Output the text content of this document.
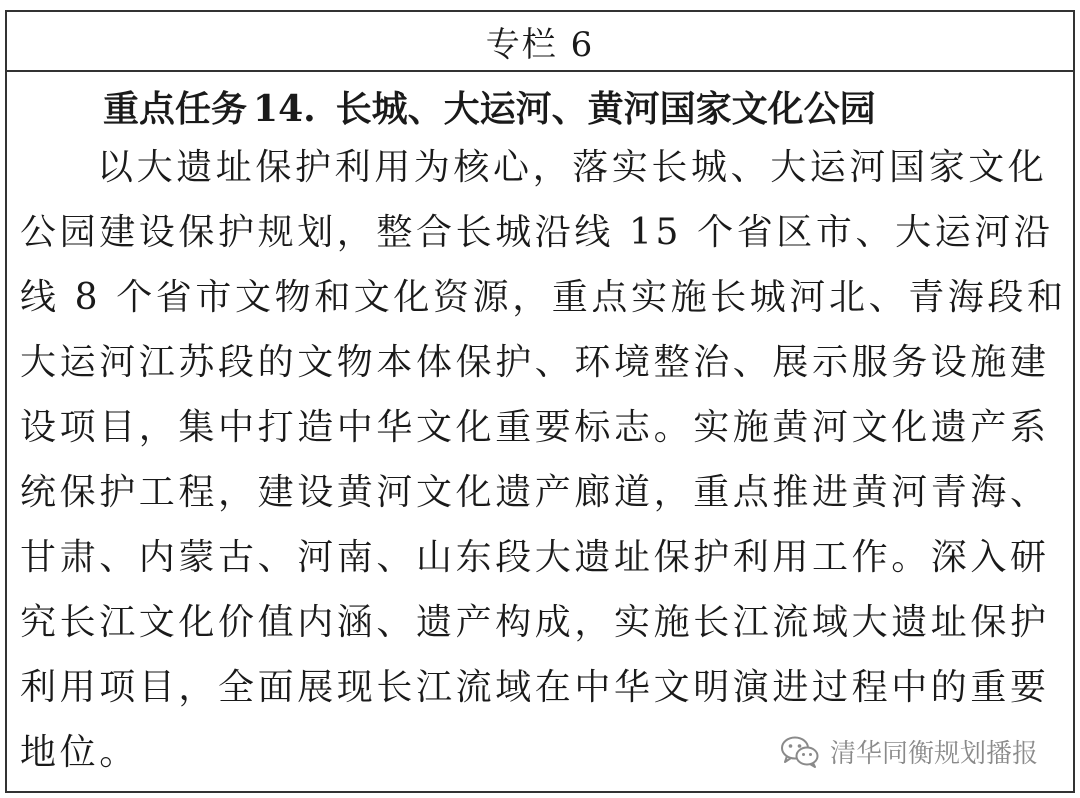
专栏 6
重点任务 14. 长城、大运河、黄河国家文化公园
以大遗址保护利用为核心，落实长城、大运河国家文化
公园建设保护规划，整合长城沿线 15 个省区市、大运河沿
线 8 个省市文物和文化资源，重点实施长城河北、青海段和
大运河江苏段的文物本体保护、环境整治、展示服务设施建
设项目，集中打造中华文化重要标志。实施黄河文化遗产系
统保护工程，建设黄河文化遗产廊道，重点推进黄河青海、
甘肃、内蒙古、河南、山东段大遗址保护利用工作。深入研
究长江文化价值内涵、遗产构成，实施长江流域大遗址保护
利用项目，全面展现长江流域在中华文明演进过程中的重要
地位。	清华同衡规划播报
